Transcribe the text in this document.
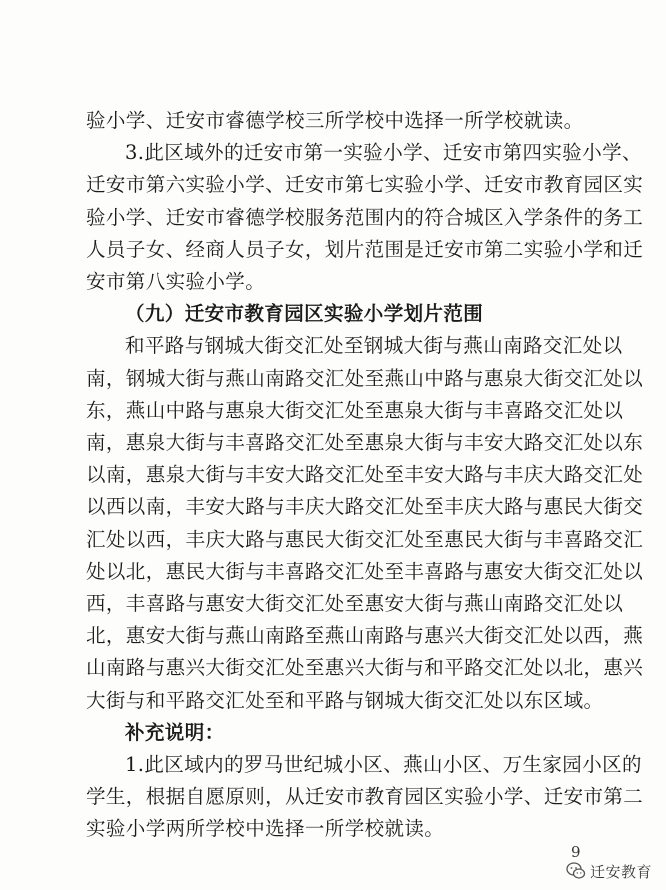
验小学、迁安市睿德学校三所学校中选择一所学校就读。
3.此区域外的迁安市第一实验小学、迁安市第四实验小学、
迁安市第六实验小学、迁安市第七实验小学、迁安市教育园区实
验小学、迁安市睿德学校服务范围内的符合城区入学条件的务工
人员子女、经商人员子女，划片范围是迁安市第二实验小学和迁
安市第八实验小学。
（九）迁安市教育园区实验小学划片范围
和平路与钢城大街交汇处至钢城大街与燕山南路交汇处以
南，钢城大街与燕山南路交汇处至燕山中路与惠泉大街交汇处以
东，燕山中路与惠泉大街交汇处至惠泉大街与丰喜路交汇处以
南，惠泉大街与丰喜路交汇处至惠泉大街与丰安大路交汇处以东
以南，惠泉大街与丰安大路交汇处至丰安大路与丰庆大路交汇处
以西以南，丰安大路与丰庆大路交汇处至丰庆大路与惠民大街交
汇处以西，丰庆大路与惠民大街交汇处至惠民大街与丰喜路交汇
处以北，惠民大街与丰喜路交汇处至丰喜路与惠安大街交汇处以
西，丰喜路与惠安大街交汇处至惠安大街与燕山南路交汇处以
北，惠安大街与燕山南路至燕山南路与惠兴大街交汇处以西，燕
山南路与惠兴大街交汇处至惠兴大街与和平路交汇处以北，惠兴
大街与和平路交汇处至和平路与钢城大街交汇处以东区域。
补充说明：
9
迁安教育
1.此区域内的罗马世纪城小区、燕山小区、万生家园小区的
学生，根据自愿原则，从迁安市教育园区实验小学、迁安市第二
实验小学两所学校中选择一所学校就读。
